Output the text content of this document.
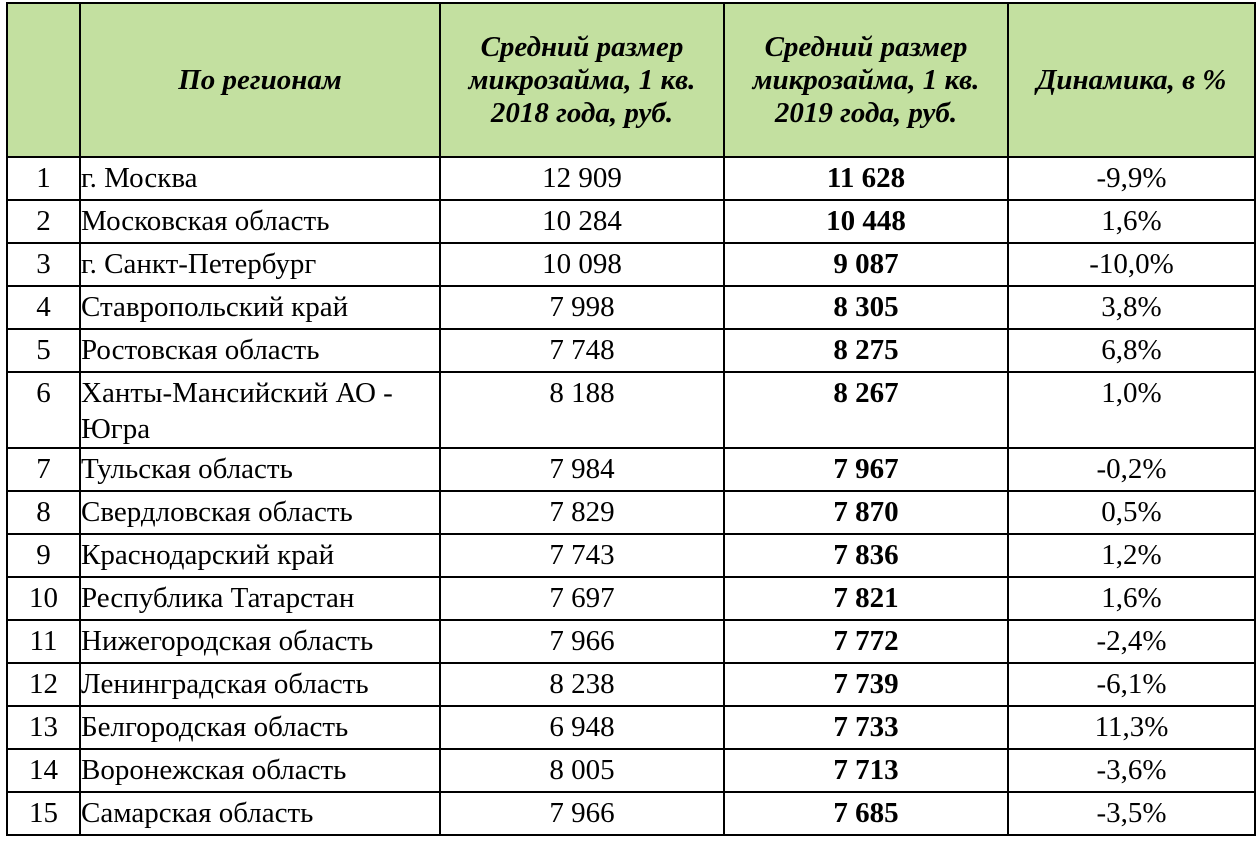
	По регионам	Средний размер микрозайма, 1 кв. 2018 года, руб.	Средний размер микрозайма, 1 кв. 2019 года, руб.	Динамика, в %
1	г. Москва	12 909	11 628	-9,9%
2	Московская область	10 284	10 448	1,6%
3	г. Санкт-Петербург	10 098	9 087	-10,0%
4	Ставропольский край	7 998	8 305	3,8%
5	Ростовская область	7 748	8 275	6,8%
6	Ханты-Мансийский АО - Югра	8 188	8 267	1,0%
7	Тульская область	7 984	7 967	-0,2%
8	Свердловская область	7 829	7 870	0,5%
9	Краснодарский край	7 743	7 836	1,2%
10	Республика Татарстан	7 697	7 821	1,6%
11	Нижегородская область	7 966	7 772	-2,4%
12	Ленинградская область	8 238	7 739	-6,1%
13	Белгородская область	6 948	7 733	11,3%
14	Воронежская область	8 005	7 713	-3,6%
15	Самарская область	7 966	7 685	-3,5%
